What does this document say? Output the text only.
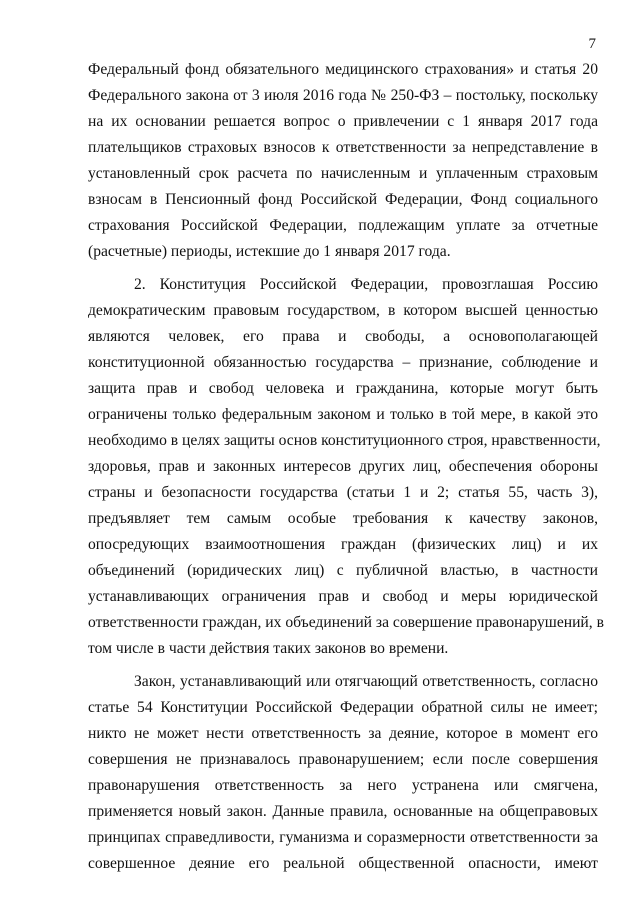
7
Федеральный фонд обязательного медицинского страхования» и статья 20
Федерального закона от 3 июля 2016 года № 250-ФЗ – постольку, поскольку
на их основании решается вопрос о привлечении с 1 января 2017 года
плательщиков страховых взносов к ответственности за непредставление в
установленный срок расчета по начисленным и уплаченным страховым
взносам в Пенсионный фонд Российской Федерации, Фонд социального
страхования Российской Федерации, подлежащим уплате за отчетные
(расчетные) периоды, истекшие до 1 января 2017 года.
2. Конституция Российской Федерации, провозглашая Россию
демократическим правовым государством, в котором высшей ценностью
являются человек, его права и свободы, а основополагающей
конституционной обязанностью государства – признание, соблюдение и
защита прав и свобод человека и гражданина, которые могут быть
ограничены только федеральным законом и только в той мере, в какой это
необходимо в целях защиты основ конституционного строя, нравственности,
здоровья, прав и законных интересов других лиц, обеспечения обороны
страны и безопасности государства (статьи 1 и 2; статья 55, часть 3),
предъявляет тем самым особые требования к качеству законов,
опосредующих взаимоотношения граждан (физических лиц) и их
объединений (юридических лиц) с публичной властью, в частности
устанавливающих ограничения прав и свобод и меры юридической
ответственности граждан, их объединений за совершение правонарушений, в
том числе в части действия таких законов во времени.
Закон, устанавливающий или отягчающий ответственность, согласно
статье 54 Конституции Российской Федерации обратной силы не имеет;
никто не может нести ответственность за деяние, которое в момент его
совершения не признавалось правонарушением; если после совершения
правонарушения ответственность за него устранена или смягчена,
применяется новый закон. Данные правила, основанные на общеправовых
принципах справедливости, гуманизма и соразмерности ответственности за
совершенное деяние его реальной общественной опасности, имеют
